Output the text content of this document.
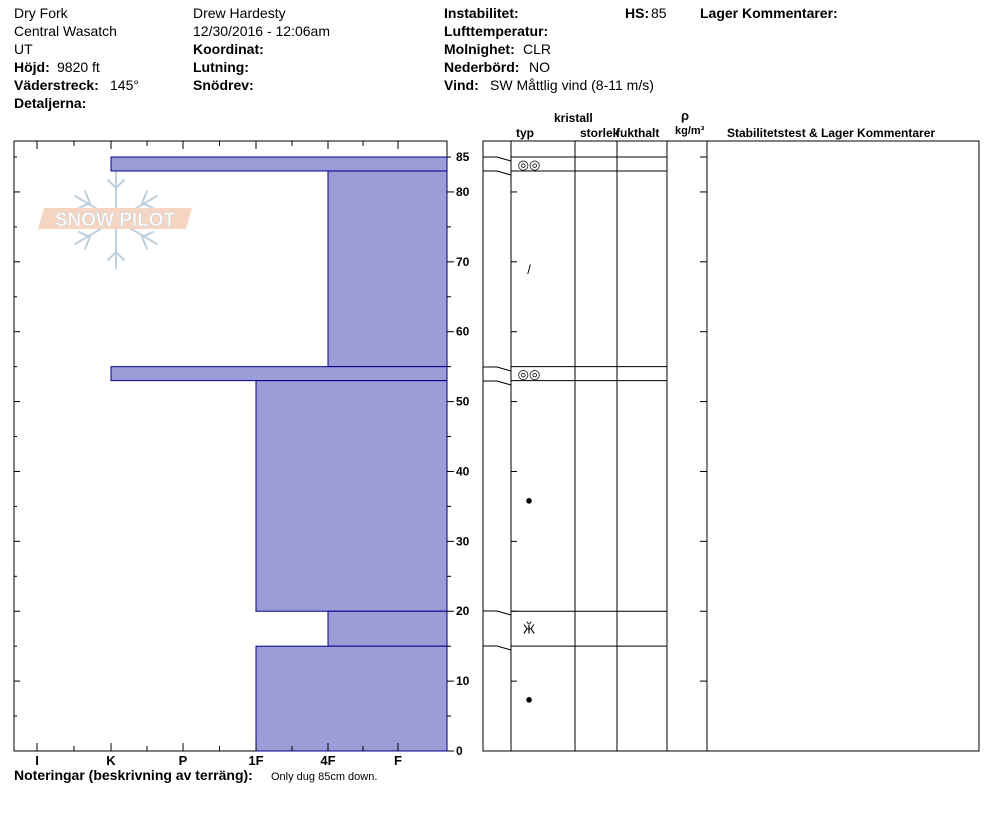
Dry Fork
Central Wasatch
UT
Höjd: 9820 ft
Väderstreck: 145°
Detaljerna:
Drew Hardesty
12/30/2016 - 12:06am
Koordinat:
Lutning:
Snödrev:
Instabilitet:
Lufttemperatur:
Molnighet: CLR
Nederbörd: NO
Vind: SW Måttlig vind (8-11 m/s)
HS: 85 Lager Kommentarer:
Noteringar (beskrivning av terräng): Only dug 85cm down.
SNOW PILOT
0
10
20
30
40
50
60
70
80
85
I	K	P	1F	4F	F
◎◎
/
◎◎
●
Ӂ
●
kristall
typ	storlek
fukthalt
ρ
kg/m³ Stabilitetstest & Lager Kommentarer
